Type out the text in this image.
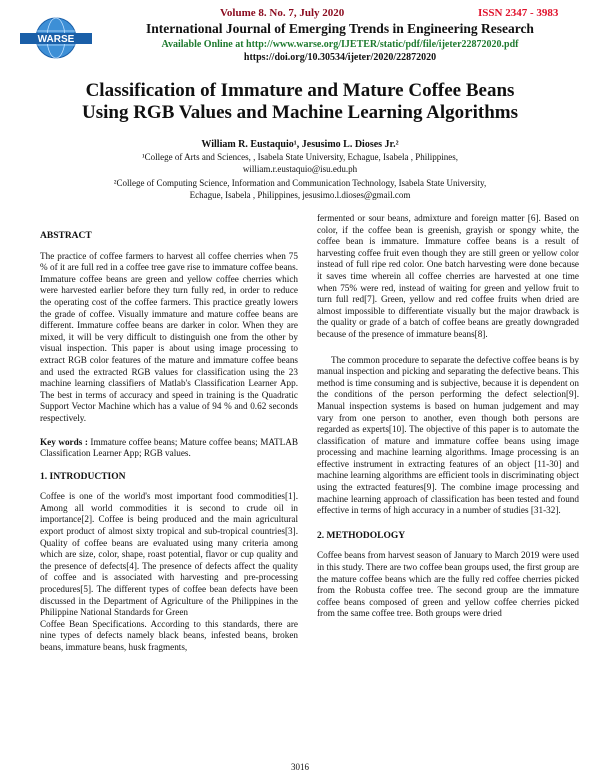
Volume 8. No. 7, July 2020	ISSN 2347 - 3983
WARSE
International Journal of Emerging Trends in Engineering Research
Available Online at http://www.warse.org/IJETER/static/pdf/file/ijeter22872020.pdf
https://doi.org/10.30534/ijeter/2020/22872020
Classification of Immature and Mature Coffee Beans
Using RGB Values and Machine Learning Algorithms
William R. Eustaquio¹, Jesusimo L. Dioses Jr.²
¹College of Arts and Sciences, , Isabela State University, Echague, Isabela , Philippines,
william.r.eustaquio@isu.edu.ph
²College of Computing Science, Information and Communication Technology, Isabela State University,
Echague, Isabela , Philippines, jesusimo.l.dioses@gmail.com
ABSTRACT
The practice of coffee farmers to harvest all coffee cherries when 75 % of it are full red in a coffee tree gave rise to immature coffee beans. Immature coffee beans are green and yellow coffee cherries which were harvested earlier before they turn fully red, in order to reduce the operating cost of the coffee farmers. This practice greatly lowers the grade of coffee. Visually immature and mature coffee beans are different. Immature coffee beans are darker in color. When they are mixed, it will be very difficult to distinguish one from the other by visual inspection. This paper is about using image processing to extract RGB color features of the mature and immature coffee beans and used the extracted RGB values for classification using the 23 machine learning classifiers of Matlab's Classification Learner App. The best in terms of accuracy and speed in training is the Quadratic Support Vector Machine which has a value of 94 % and 0.62 seconds respectively.
Key words : Immature coffee beans; Mature coffee beans; MATLAB Classification Learner App; RGB values.
1. INTRODUCTION
Coffee is one of the world's most important food commodities[1]. Among all world commodities it is second to crude oil in importance[2]. Coffee is being produced and the main agricultural export product of almost sixty tropical and sub-tropical countries[3]. Quality of coffee beans are evaluated using many criteria among which are size, color, shape, roast potential, flavor or cup quality and the presence of defects[4]. The presence of defects affect the quality of coffee and is associated with harvesting and pre-processing procedures[5]. The different types of coffee bean defects have been discussed in the Department of Agriculture of the Philippines in the Philippine National Standards for Green
Coffee Bean Specifications. According to this standards, there are nine types of defects namely black beans, infested beans, broken beans, immature beans, husk fragments,
fermented or sour beans, admixture and foreign matter [6]. Based on color, if the coffee bean is greenish, grayish or spongy white, the coffee bean is immature. Immature coffee beans is a result of harvesting coffee fruit even though they are still green or yellow color instead of full ripe red color. One batch harvesting were done because it saves time wherein all coffee cherries are harvested at one time when 75% were red, instead of waiting for green and yellow fruit to turn full red[7]. Green, yellow and red coffee fruits when dried are almost impossible to differentiate visually but the major drawback is the quality or grade of a batch of coffee beans are greatly downgraded because of the presence of immature beans[8].
The common procedure to separate the defective coffee beans is by manual inspection and picking and separating the defective beans. This method is time consuming and is subjective, because it is dependent on the conditions of the person performing the defect selection[9]. Manual inspection systems is based on human judgement and may vary from one person to another, even though both persons are regarded as experts[10]. The objective of this paper is to automate the classification of mature and immature coffee beans using image processing and machine learning algorithms. Image processing is an effective instrument in extracting features of an object [11-30] and machine learning algorithms are efficient tools in discriminating object using the extracted features[9]. The combine image processing and machine learning approach of classification has been tested and found effective in terms of high accuracy in a number of studies [31-32].
2. METHODOLOGY
Coffee beans from harvest season of January to March 2019 were used in this study. There are two coffee bean groups used, the first group are the mature coffee beans which are the fully red coffee cherries picked from the Robusta coffee tree. The second group are the immature coffee beans composed of green and yellow coffee cherries picked from the same coffee tree. Both groups were dried
3016
